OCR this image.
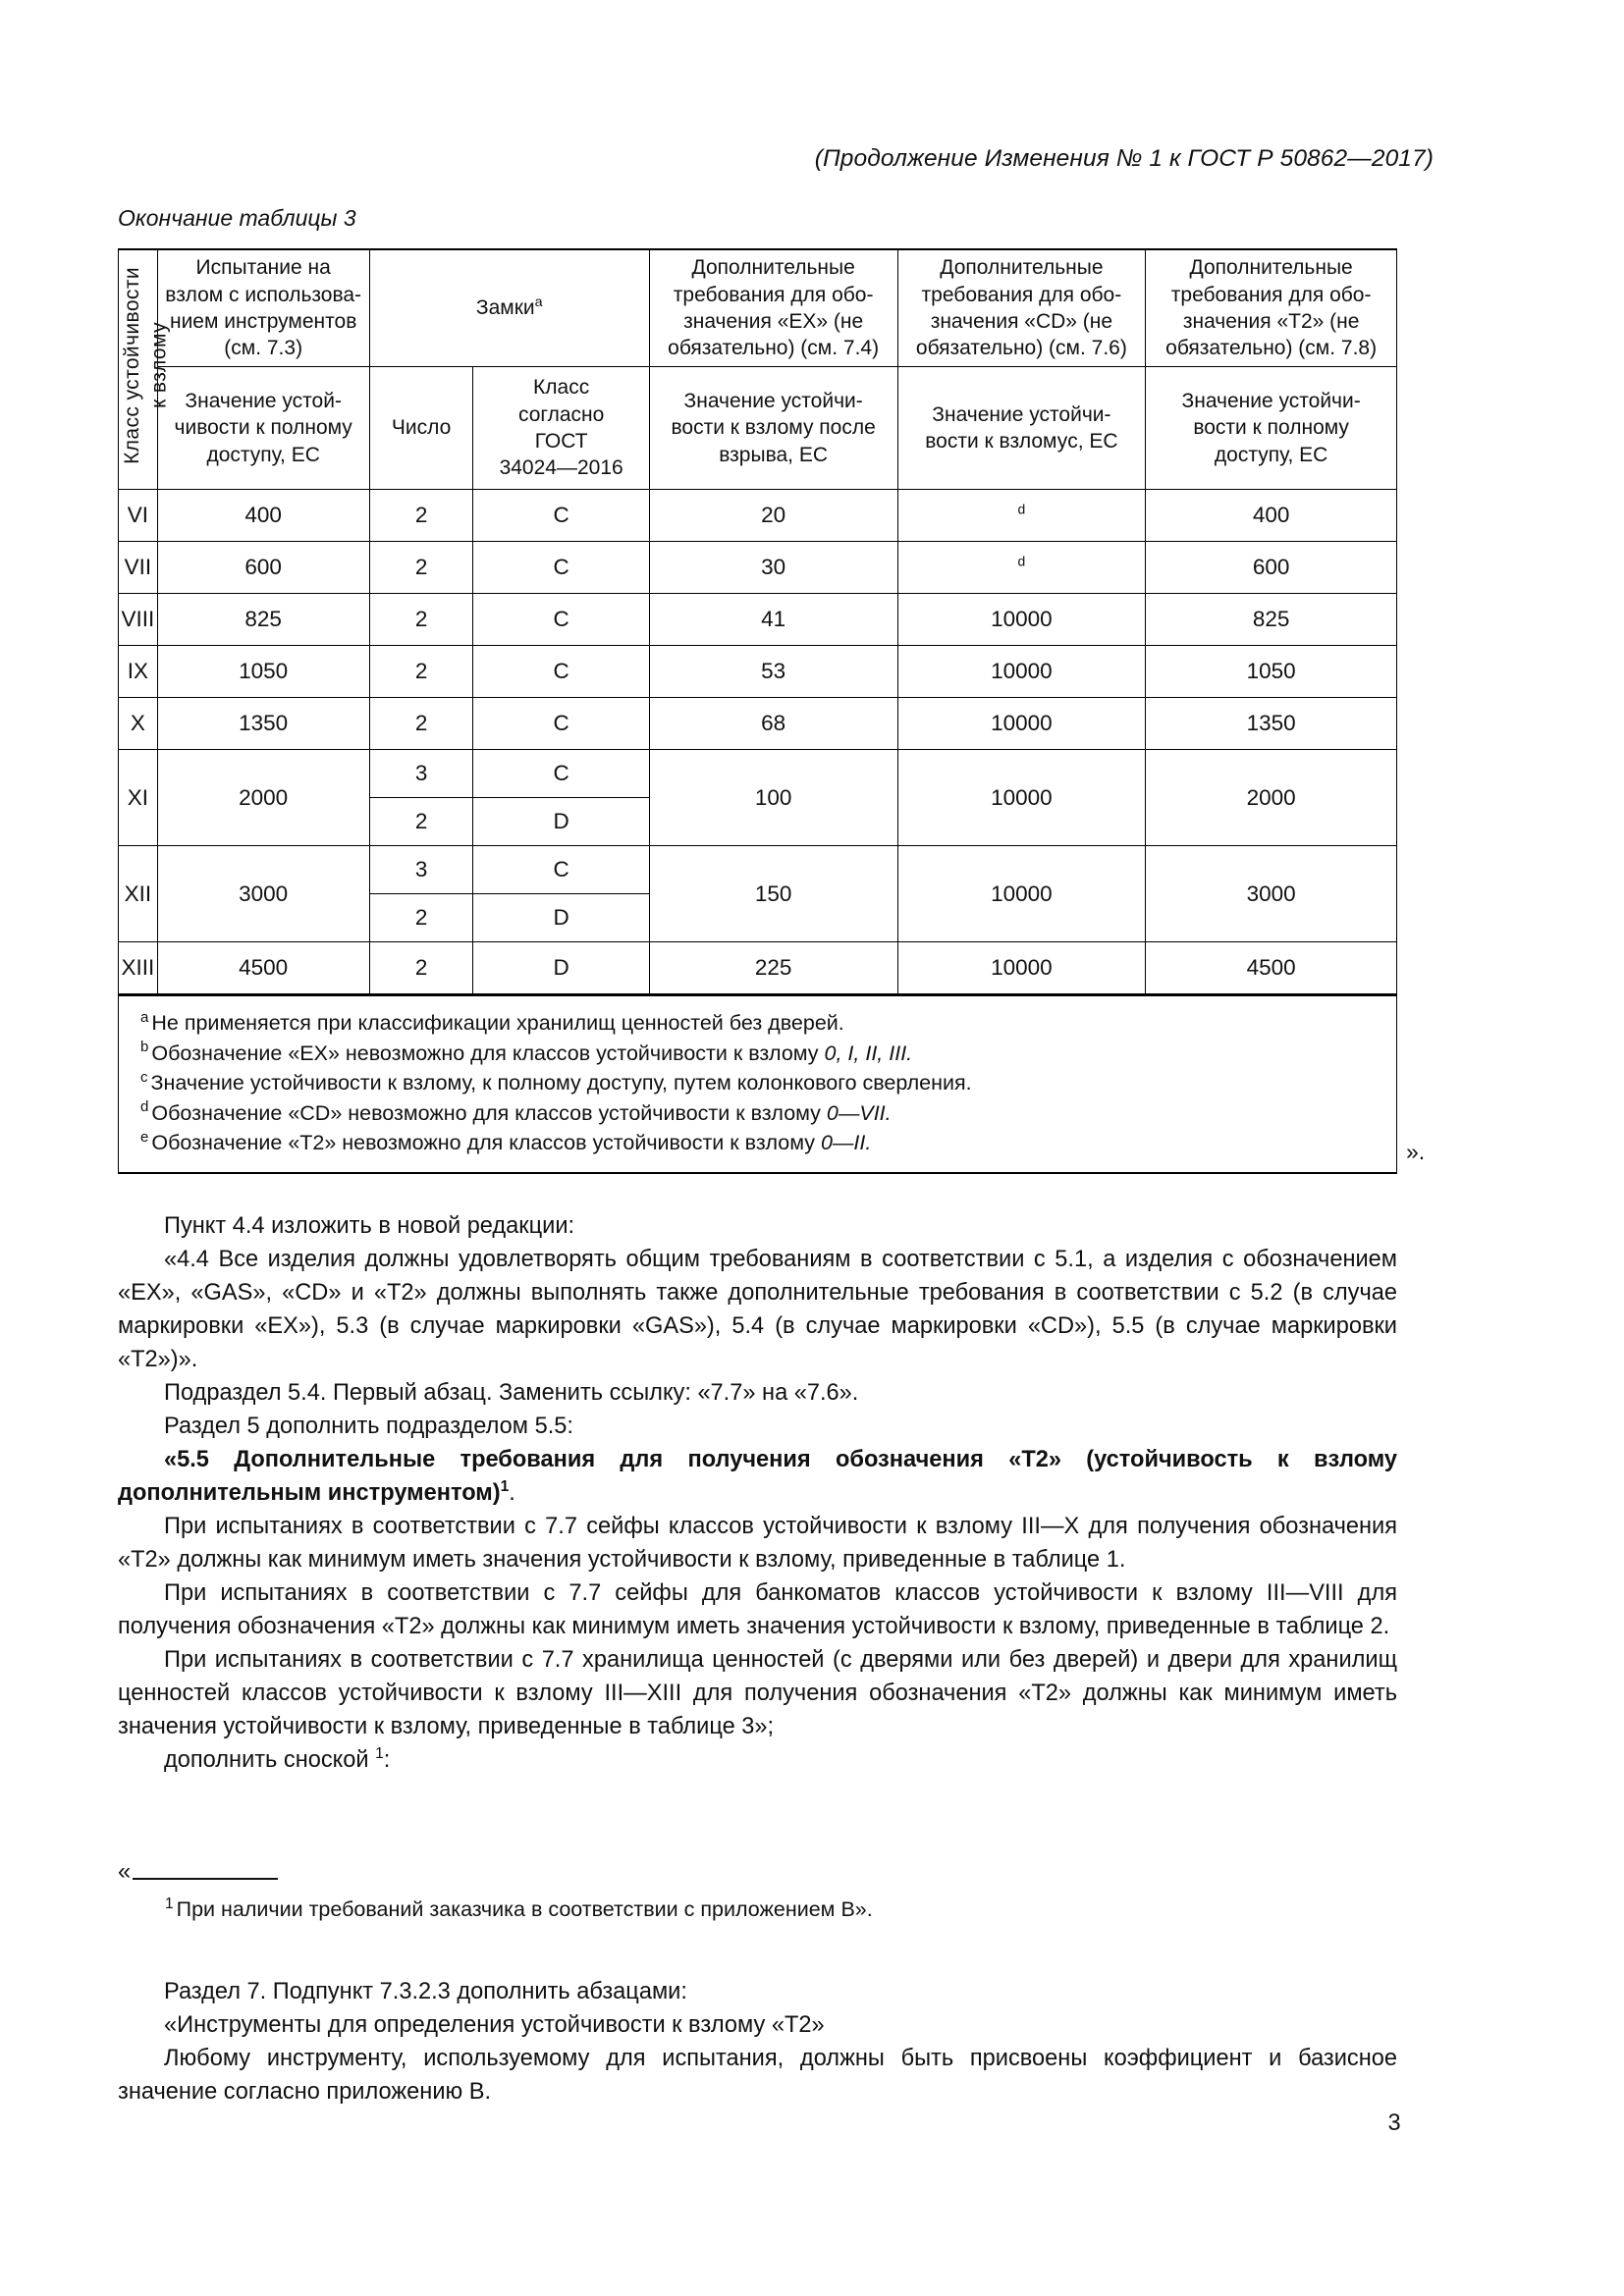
(Продолжение Изменения № 1 к ГОСТ Р 50862—2017)
Окончание таблицы 3
Класс устойчивости к взлому	Испытание на
взлом с использова-
нием инструментов
(см. 7.3)	Замки$^a$		Дополнительные
требования для обо-
значения «EX» (не
обязательно) (см. 7.4)	Дополнительные
требования для обо-
значения «CD» (не
обязательно) (см. 7.6)	Дополнительные
требования для обо-
значения «T2» (не
обязательно) (см. 7.8)
	Значение устой-
чивости к полному
доступу, ЕС	Число	Класс
согласно
ГОСТ
34024—2016	Значение устойчи-
вости к взлому после
взрыва, ЕС	Значение устойчи-
вости к взломуc, ЕС	Значение устойчи-
вости к полному
доступу, ЕС
VI	400	2	C	20	$^d$	400
VII	600	2	C	30	$^d$	600
VIII	825	2	C	41	10000	825
IX	1050	2	C	53	10000	1050
X	1350	2	C	68	10000	1350
XI	2000	3	C	100	10000	2000
		2	D			
XII	3000	3	C	150	10000	3000
		2	D			
XIII	4500	2	D	225	10000	4500
$^a$ Не применяется при классификации хранилищ ценностей без дверей.
$^b$ Обозначение «EX» невозможно для классов устойчивости к взлому 0, I, II, III.
$^c$ Значение устойчивости к взлому, к полному доступу, путем колонкового сверления.
$^d$ Обозначение «CD» невозможно для классов устойчивости к взлому 0—VII.
$^e$ Обозначение «T2» невозможно для классов устойчивости к взлому 0—II.	».

Пункт 4.4 изложить в новой редакции:

«4.4 Все изделия должны удовлетворять общим требованиям в соответствии с 5.1, а изделия с обозначением «EX», «GAS», «CD» и «T2» должны выполнять также дополнительные требования в соответствии с 5.2 (в случае маркировки «EX»), 5.3 (в случае маркировки «GAS»), 5.4 (в случае маркировки «CD»), 5.5 (в случае маркировки «T2»)».

Подраздел 5.4. Первый абзац. Заменить ссылку: «7.7» на «7.6».

Раздел 5 дополнить подразделом 5.5:

«5.5 Дополнительные требования для получения обозначения «T2» (устойчивость к взлому дополнительным инструментом)$^1$.

При испытаниях в соответствии с 7.7 сейфы классов устойчивости к взлому III—X для получения обозначения «T2» должны как минимум иметь значения устойчивости к взлому, приведенные в таблице 1.

При испытаниях в соответствии с 7.7 сейфы для банкоматов классов устойчивости к взлому III—VIII для получения обозначения «T2» должны как минимум иметь значения устойчивости к взлому, приведенные в таблице 2.

При испытаниях в соответствии с 7.7 хранилища ценностей (с дверями или без дверей) и двери для хранилищ ценностей классов устойчивости к взлому III—XIII для получения обозначения «T2» должны как минимум иметь значения устойчивости к взлому, приведенные в таблице 3»;

дополнить сноской $^1$:

«
$^1$ При наличии требований заказчика в соответствии с приложением В».

Раздел 7. Подпункт 7.3.2.3 дополнить абзацами:

«Инструменты для определения устойчивости к взлому «T2»

Любому инструменту, используемому для испытания, должны быть присвоены коэффициент и базисное значение согласно приложению В.

3
